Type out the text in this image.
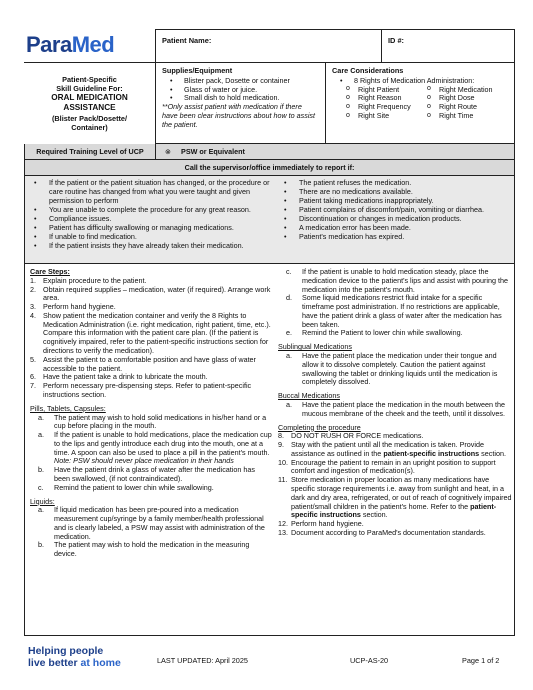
ParaMed	Patient Name:	ID #:
Patient-Specific
Skill Guideline For:
ORAL MEDICATION
ASSISTANCE
(Blister Pack/Dosette/
Container)
Supplies/Equipment
• Blister pack, Dosette or container
• Glass of water or juice.
• Small dish to hold medication.
**Only assist patient with medication if there have been clear instructions about how to assist the patient.
Care Considerations
• 8 Rights of Medication Administration:
o Right Patient	o Right Medication
o Right Reason	o Right Dose
o Right Frequency	o Right Route
o Right Site	o Right Time
Required Training Level of UCP	⊗ PSW or Equivalent
Call the supervisor/office immediately to report if:
• If the patient or the patient situation has changed, or the procedure or care routine has changed from what you were taught and given permission to perform
• You are unable to complete the procedure for any great reason.
• Compliance issues.
• Patient has difficulty swallowing or managing medications.
• If unable to find medication.
• If the patient insists they have already taken their medication.
• The patient refuses the medication.
• There are no medications available.
• Patient taking medications inappropriately.
• Patient complains of discomfort/pain, vomiting or diarrhea.
• Discontinuation or changes in medication products.
• A medication error has been made.
• Patient's medication has expired.
Care Steps:
1. Explain procedure to the patient.
2. Obtain required supplies – medication, water (if required). Arrange work area.
3. Perform hand hygiene.
4. Show patient the medication container and verify the 8 Rights to Medication Administration (i.e. right medication, right patient, time, etc.). Compare this information with the patient care plan. (If the patient is cognitively impaired, refer to the patient-specific instructions section for directions to verify the medication).
5. Assist the patient to a comfortable position and have glass of water accessible to the patient.
6. Have the patient take a drink to lubricate the mouth.
7. Perform necessary pre-dispensing steps. Refer to patient-specific instructions section.
Pills, Tablets, Capsules:
a. The patient may wish to hold solid medications in his/her hand or a cup before placing in the mouth.
a. If the patient is unable to hold medications, place the medication cup to the lips and gently introduce each drug into the mouth, one at a time. A spoon can also be used to place a pill in the patient's mouth. Note: PSW should never place medication in their hands
b. Have the patient drink a glass of water after the medication has been swallowed, (if not contraindicated).
c. Remind the patient to lower chin while swallowing.
Liquids:
a. If liquid medication has been pre-poured into a medication measurement cup/syringe by a family member/health professional and is clearly labeled, a PSW may assist with administration of the medication.
b. The patient may wish to hold the medication in the measuring device.
c. If the patient is unable to hold medication steady, place the medication device to the patient's lips and assist with pouring the medication into the patient's mouth.
d. Some liquid medications restrict fluid intake for a specific timeframe post administration. If no restrictions are applicable, have the patient drink a glass of water after the medication has been taken.
e. Remind the Patient to lower chin while swallowing.
Sublingual Medications
a. Have the patient place the medication under their tongue and allow it to dissolve completely. Caution the patient against swallowing the tablet or drinking liquids until the medication is completely dissolved.
Buccal Medications
a. Have the patient place the medication in the mouth between the mucous membrane of the cheek and the teeth, until it dissolves.
Completing the procedure
8. DO NOT RUSH OR FORCE medications.
9. Stay with the patient until all the medication is taken. Provide assistance as outlined in the patient-specific instructions section.
10. Encourage the patient to remain in an upright position to support comfort and ingestion of medication(s).
11. Store medication in proper location as many medications have specific storage requirements i.e. away from sunlight and heat, in a dark and dry area, refrigerated, or out of reach of cognitively impaired patient/small children in the patient's home. Refer to the patient-specific instructions section.
12. Perform hand hygiene.
13. Document according to ParaMed's documentation standards.
Helping people
live better at home	LAST UPDATED: April 2025	UCP-AS-20	Page 1 of 2
